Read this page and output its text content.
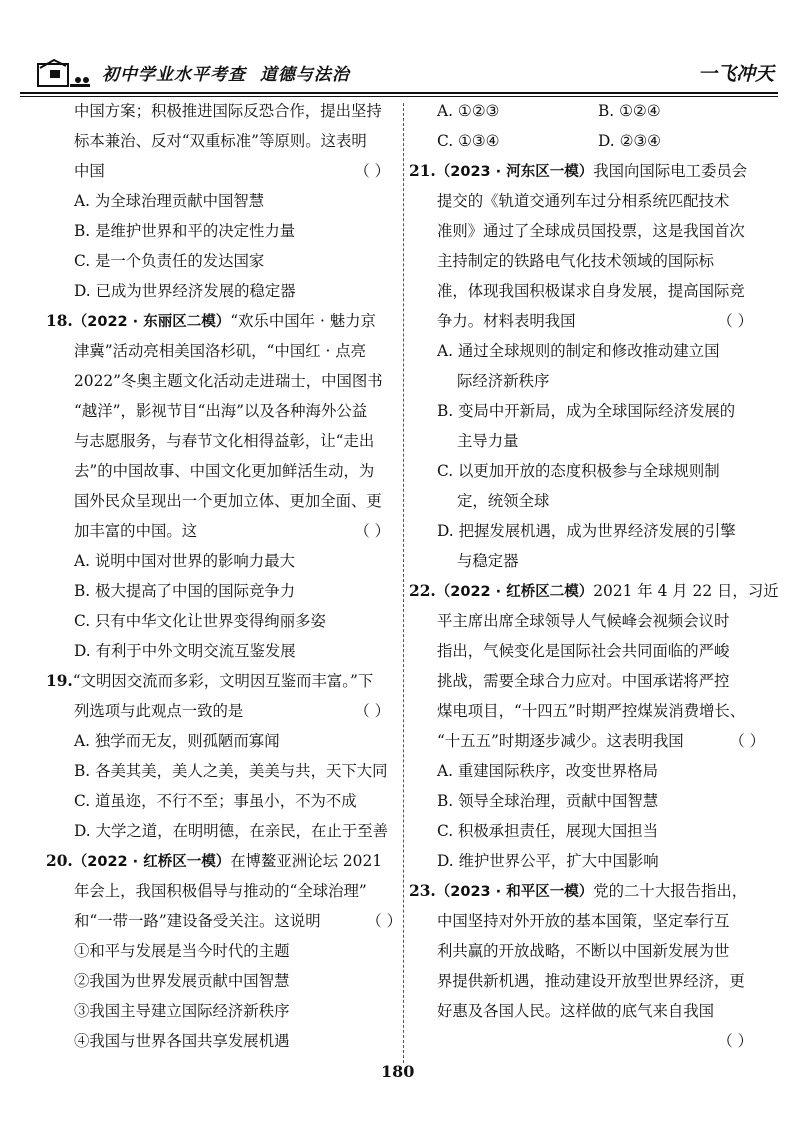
初中学业水平考查  道德与法治	一飞冲天
中国方案；积极推进国际反恐合作，提出坚持
标本兼治、反对“双重标准”等原则。这表明
中国	（ ）
A. 为全球治理贡献中国智慧
B. 是维护世界和平的决定性力量
C. 是一个负责任的发达国家
D. 已成为世界经济发展的稳定器
18.（2022 · 东丽区二模）“欢乐中国年 · 魅力京
津冀”活动亮相美国洛杉矶，“中国红 · 点亮
2022”冬奥主题文化活动走进瑞士，中国图书
“越洋”，影视节目“出海”以及各种海外公益
与志愿服务，与春节文化相得益彰，让“走出
去”的中国故事、中国文化更加鲜活生动，为
国外民众呈现出一个更加立体、更加全面、更
加丰富的中国。这	（ ）
A. 说明中国对世界的影响力最大
B. 极大提高了中国的国际竞争力
C. 只有中华文化让世界变得绚丽多姿
D. 有利于中外文明交流互鉴发展
19.“文明因交流而多彩，文明因互鉴而丰富。”下
列选项与此观点一致的是	（ ）
A. 独学而无友，则孤陋而寡闻
B. 各美其美，美人之美，美美与共，天下大同
C. 道虽迩，不行不至；事虽小，不为不成
D. 大学之道，在明明德，在亲民，在止于至善
20.（2022 · 红桥区一模）在博鳌亚洲论坛 2021
年会上，我国积极倡导与推动的“全球治理”
和“一带一路”建设备受关注。这说明	（ ）
①和平与发展是当今时代的主题
②我国为世界发展贡献中国智慧
③我国主导建立国际经济新秩序
④我国与世界各国共享发展机遇
A. ①②③	B. ①②④
C. ①③④	D. ②③④
21.（2023 · 河东区一模）我国向国际电工委员会
提交的《轨道交通列车过分相系统匹配技术
准则》通过了全球成员国投票，这是我国首次
主持制定的铁路电气化技术领域的国际标
准，体现我国积极谋求自身发展，提高国际竞
争力。材料表明我国	（ ）
A. 通过全球规则的制定和修改推动建立国
际经济新秩序
B. 变局中开新局，成为全球国际经济发展的
主导力量
C. 以更加开放的态度积极参与全球规则制
定，统领全球
D. 把握发展机遇，成为世界经济发展的引擎
与稳定器
22.（2022 · 红桥区二模）2021 年 4 月 22 日，习近
平主席出席全球领导人气候峰会视频会议时
指出，气候变化是国际社会共同面临的严峻
挑战，需要全球合力应对。中国承诺将严控
煤电项目，“十四五”时期严控煤炭消费增长、
“十五五”时期逐步减少。这表明我国	（ ）
A. 重建国际秩序，改变世界格局
B. 领导全球治理，贡献中国智慧
C. 积极承担责任，展现大国担当
D. 维护世界公平，扩大中国影响
23.（2023 · 和平区一模）党的二十大报告指出，
中国坚持对外开放的基本国策，坚定奉行互
利共赢的开放战略，不断以中国新发展为世
界提供新机遇，推动建设开放型世界经济，更
好惠及各国人民。这样做的底气来自我国
（ ）
180
